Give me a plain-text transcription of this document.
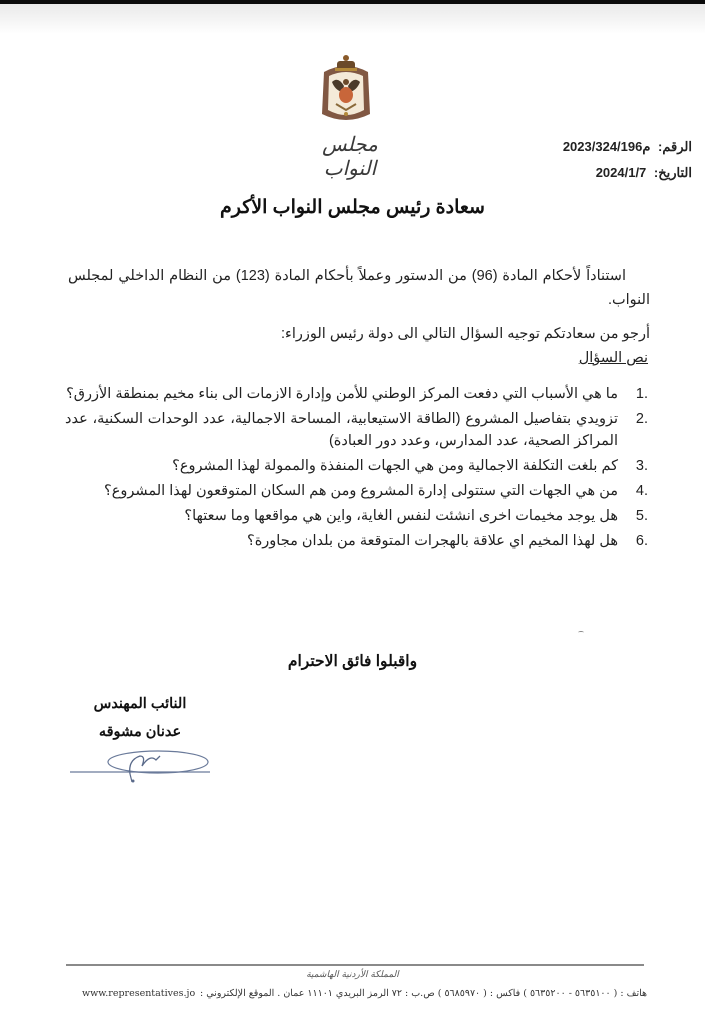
مجلس النواب
الرقم: م2023/324/196
التاريخ: 2024/1/7
سعادة رئيس مجلس النواب الأكرم

استناداً لأحكام المادة (96) من الدستور وعملاً بأحكام المادة (123) من النظام الداخلي لمجلس النواب.

أرجو من سعادتكم توجيه السؤال التالي الى دولة رئيس الوزراء:

نص السؤال
1.
ما هي الأسباب التي دفعت المركز الوطني للأمن وإدارة الازمات الى بناء مخيم بمنطقة الأزرق؟
2.
تزويدي بتفاصيل المشروع (الطاقة الاستيعابية، المساحة الاجمالية، عدد الوحدات السكنية، عدد المراكز الصحية، عدد المدارس، وعدد دور العبادة)
3.
كم بلغت التكلفة الاجمالية ومن هي الجهات المنفذة والممولة لهذا المشروع؟
4.
من هي الجهات التي ستتولى إدارة المشروع ومن هم السكان المتوقعون لهذا المشروع؟
5.
هل يوجد مخيمات اخرى انشئت لنفس الغاية، واين هي مواقعها وما سعتها؟
6.
هل لهذا المخيم اي علاقة بالهجرات المتوقعة من بلدان مجاورة؟
واقبلوا فائق الاحترام
النائب المهندس
عدنان مشوقه
المملكة الأردنية الهاشمية
هاتف : ( ٥٦٣٥١٠٠ - ٥٦٣٥٢٠٠ ) فاكس : ( ٥٦٨٥٩٧٠ ) ص.ب : ٧٢ الرمز البريدي ١١١٠١ عمان . الموقع الإلكتروني :
www.representatives.jo
